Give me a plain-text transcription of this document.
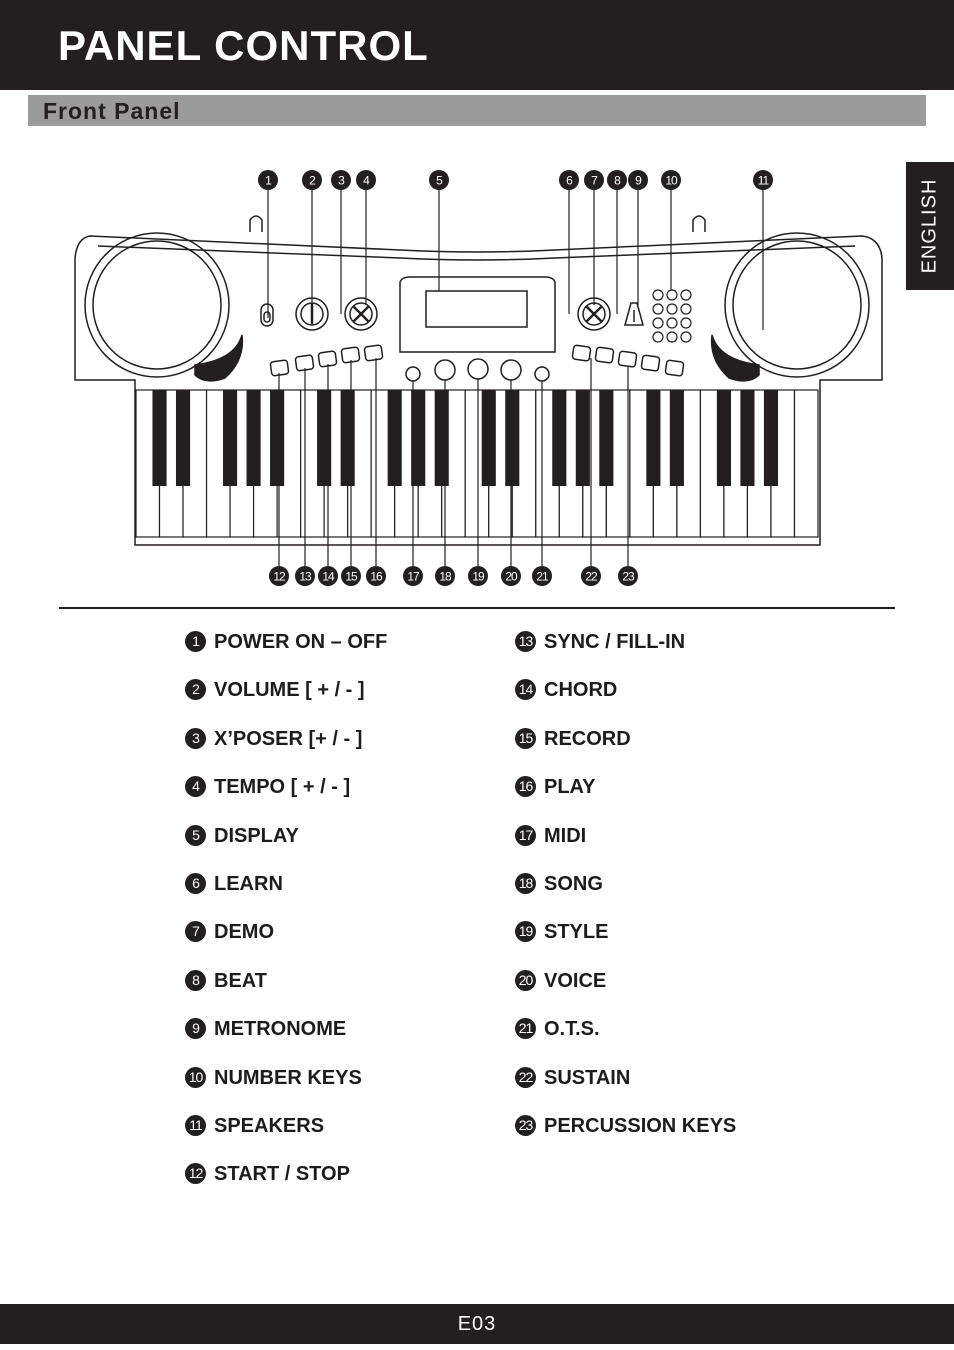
PANEL CONTROL
Front Panel
ENGLISH
1	2 3 4	5	6 7 8 9 10	11
12 13 14 15 16 17 18 19 20 21	22 23
1 POWER ON – OFF
2 VOLUME [ + / - ]
3 X’POSER [+ / - ]
4 TEMPO [ + / - ]
5 DISPLAY
6 LEARN
7 DEMO
8 BEAT
9 METRONOME
10 NUMBER KEYS
11 SPEAKERS
12 START / STOP
13 SYNC / FILL-IN
14 CHORD
15 RECORD
16 PLAY
17 MIDI
18 SONG
19 STYLE
20 VOICE
21 O.T.S.
22 SUSTAIN
23 PERCUSSION KEYS
E03
